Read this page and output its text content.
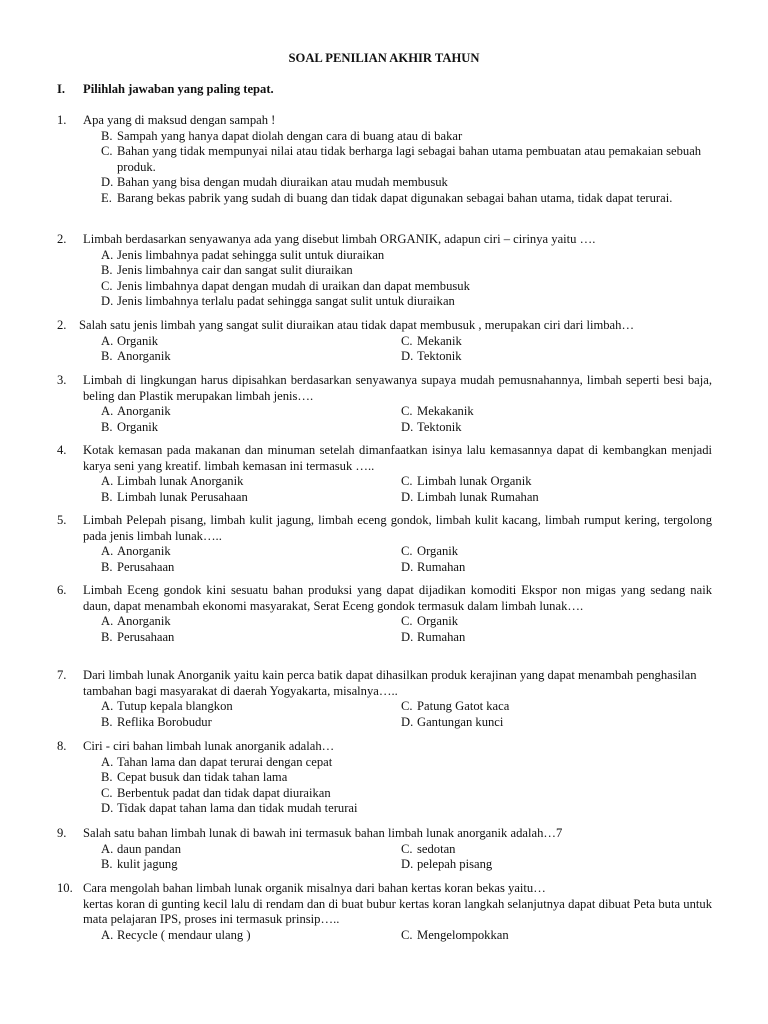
SOAL PENILIAN AKHIR TAHUN
I. Pilihlah jawaban yang paling tepat.
1. Apa yang di maksud dengan sampah !
B. Sampah yang hanya dapat diolah dengan cara di buang atau di bakar
C. Bahan yang tidak mempunyai nilai atau tidak berharga lagi sebagai bahan utama pembuatan atau pemakaian sebuah produk.
D. Bahan yang bisa dengan mudah diuraikan atau mudah membusuk
E. Barang bekas pabrik yang sudah di buang dan tidak dapat digunakan sebagai bahan utama, tidak dapat terurai.
2. Limbah berdasarkan senyawanya ada yang disebut limbah ORGANIK, adapun ciri – cirinya yaitu ….
A. Jenis limbahnya padat sehingga sulit untuk diuraikan
B. Jenis limbahnya cair dan sangat sulit diuraikan
C. Jenis limbahnya dapat dengan mudah di uraikan dan dapat membusuk
D. Jenis limbahnya terlalu padat sehingga sangat sulit untuk diuraikan
2. Salah satu jenis limbah yang sangat sulit diuraikan atau tidak dapat membusuk , merupakan ciri dari limbah…
A. Organik	C. Mekanik
B. Anorganik	D. Tektonik
3. Limbah di lingkungan harus dipisahkan berdasarkan senyawanya supaya mudah pemusnahannya, limbah seperti besi baja, beling dan Plastik merupakan limbah jenis….
A. Anorganik	C. Mekakanik
B. Organik	D. Tektonik
4. Kotak kemasan pada makanan dan minuman setelah dimanfaatkan isinya lalu kemasannya dapat di kembangkan menjadi karya seni yang kreatif. limbah kemasan ini termasuk …..
A. Limbah lunak Anorganik	C. Limbah lunak Organik
B. Limbah lunak Perusahaan	D. Limbah lunak Rumahan
5. Limbah Pelepah pisang, limbah kulit jagung, limbah eceng gondok, limbah kulit kacang, limbah rumput kering, tergolong pada jenis limbah lunak…..
A. Anorganik	C. Organik
B. Perusahaan	D. Rumahan
6. Limbah Eceng gondok kini sesuatu bahan produksi yang dapat dijadikan komoditi Ekspor non migas yang sedang naik daun, dapat menambah ekonomi masyarakat, Serat Eceng gondok termasuk dalam limbah lunak….
A. Anorganik	C. Organik
B. Perusahaan	D. Rumahan
7. Dari limbah lunak Anorganik yaitu kain perca batik dapat dihasilkan produk kerajinan yang dapat menambah penghasilan tambahan bagi masyarakat di daerah Yogyakarta, misalnya…..
A. Tutup kepala blangkon	C. Patung Gatot kaca
B. Reflika Borobudur	D. Gantungan kunci
8. Ciri - ciri bahan limbah lunak anorganik adalah…
A. Tahan lama dan dapat terurai dengan cepat
B. Cepat busuk dan tidak tahan lama
C. Berbentuk padat dan tidak dapat diuraikan
D. Tidak dapat tahan lama dan tidak mudah terurai
9. Salah satu bahan limbah lunak di bawah ini termasuk bahan limbah lunak anorganik adalah…7
A. daun pandan	C. sedotan
B. kulit jagung	D. pelepah pisang
10. Cara mengolah bahan limbah lunak organik misalnya dari bahan kertas koran bekas yaitu…
kertas koran di gunting kecil lalu di rendam dan di buat bubur kertas koran langkah selanjutnya dapat dibuat Peta buta untuk mata pelajaran IPS, proses ini termasuk prinsip…..
A. Recycle ( mendaur ulang )	C. Mengelompokkan
